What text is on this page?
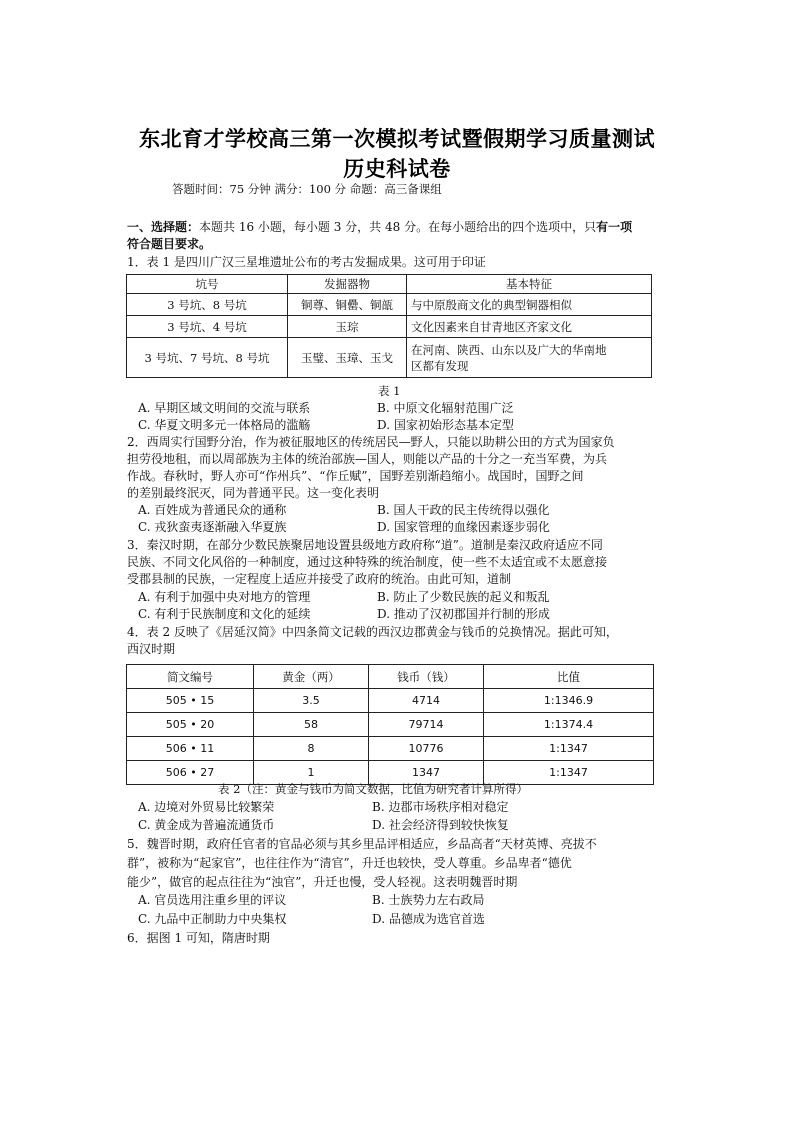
东北育才学校高三第一次模拟考试暨假期学习质量测试
历史科试卷
答题时间：75 分钟 满分：100 分 命题：高三备课组
一、选择题：本题共 16 小题，每小题 3 分，共 48 分。在每小题给出的四个选项中，只有一项
符合题目要求。
1．表 1 是四川广汉三星堆遗址公布的考古发掘成果。这可用于印证
坑号	发掘器物	基本特征
3 号坑、8 号坑	铜尊、铜罍、铜瓿	与中原殷商文化的典型铜器相似
3 号坑、4 号坑	玉琮	文化因素来自甘青地区齐家文化
3 号坑、7 号坑、8 号坑	玉璧、玉璋、玉戈	在河南、陕西、山东以及广大的华南地
区都有发现
表 1
A. 早期区域文明间的交流与联系	B. 中原文化辐射范围广泛
C. 华夏文明多元一体格局的滥觞	D. 国家初始形态基本定型
2．西周实行国野分治，作为被征服地区的传统居民—野人，只能以助耕公田的方式为国家负
担劳役地租，而以周部族为主体的统治部族—国人，则能以产品的十分之一充当军费，为兵
作战。春秋时，野人亦可“作州兵”、“作丘赋”，国野差别渐趋缩小。战国时，国野之间
的差别最终泯灭，同为普通平民。这一变化表明
A. 百姓成为普通民众的通称	B. 国人干政的民主传统得以强化
C. 戎狄蛮夷逐渐融入华夏族	D. 国家管理的血缘因素逐步弱化
3．秦汉时期，在部分少数民族聚居地设置县级地方政府称“道”。道制是秦汉政府适应不同
民族、不同文化风俗的一种制度，通过这种特殊的统治制度，使一些不太适宜或不太愿意接
受郡县制的民族，一定程度上适应并接受了政府的统治。由此可知，道制
A. 有利于加强中央对地方的管理	B. 防止了少数民族的起义和叛乱
C. 有利于民族制度和文化的延续	D. 推动了汉初郡国并行制的形成
4．表 2 反映了《居延汉简》中四条简文记载的西汉边郡黄金与钱币的兑换情况。据此可知，
西汉时期
简文编号	黄金（两）	钱币（钱）	比值
505 • 15	3.5	4714	1:1346.9
505 • 20	58	79714	1:1374.4
506 • 11	8	10776	1:1347
506 • 27	1	1347	1:1347
表 2（注：黄金与钱币为简文数据，比值为研究者计算所得）
A. 边境对外贸易比较繁荣	B. 边郡市场秩序相对稳定
C. 黄金成为普遍流通货币	D. 社会经济得到较快恢复
5．魏晋时期，政府任官者的官品必须与其乡里品评相适应，乡品高者“天材英博、亮拔不
群”，被称为“起家官”，也往往作为“清官”，升迁也较快，受人尊重。乡品卑者“德优
能少”，做官的起点往往为“浊官”，升迁也慢，受人轻视。这表明魏晋时期
A. 官员选用注重乡里的评议	B. 士族势力左右政局
C. 九品中正制助力中央集权	D. 品德成为选官首选
6．据图 1 可知，隋唐时期
